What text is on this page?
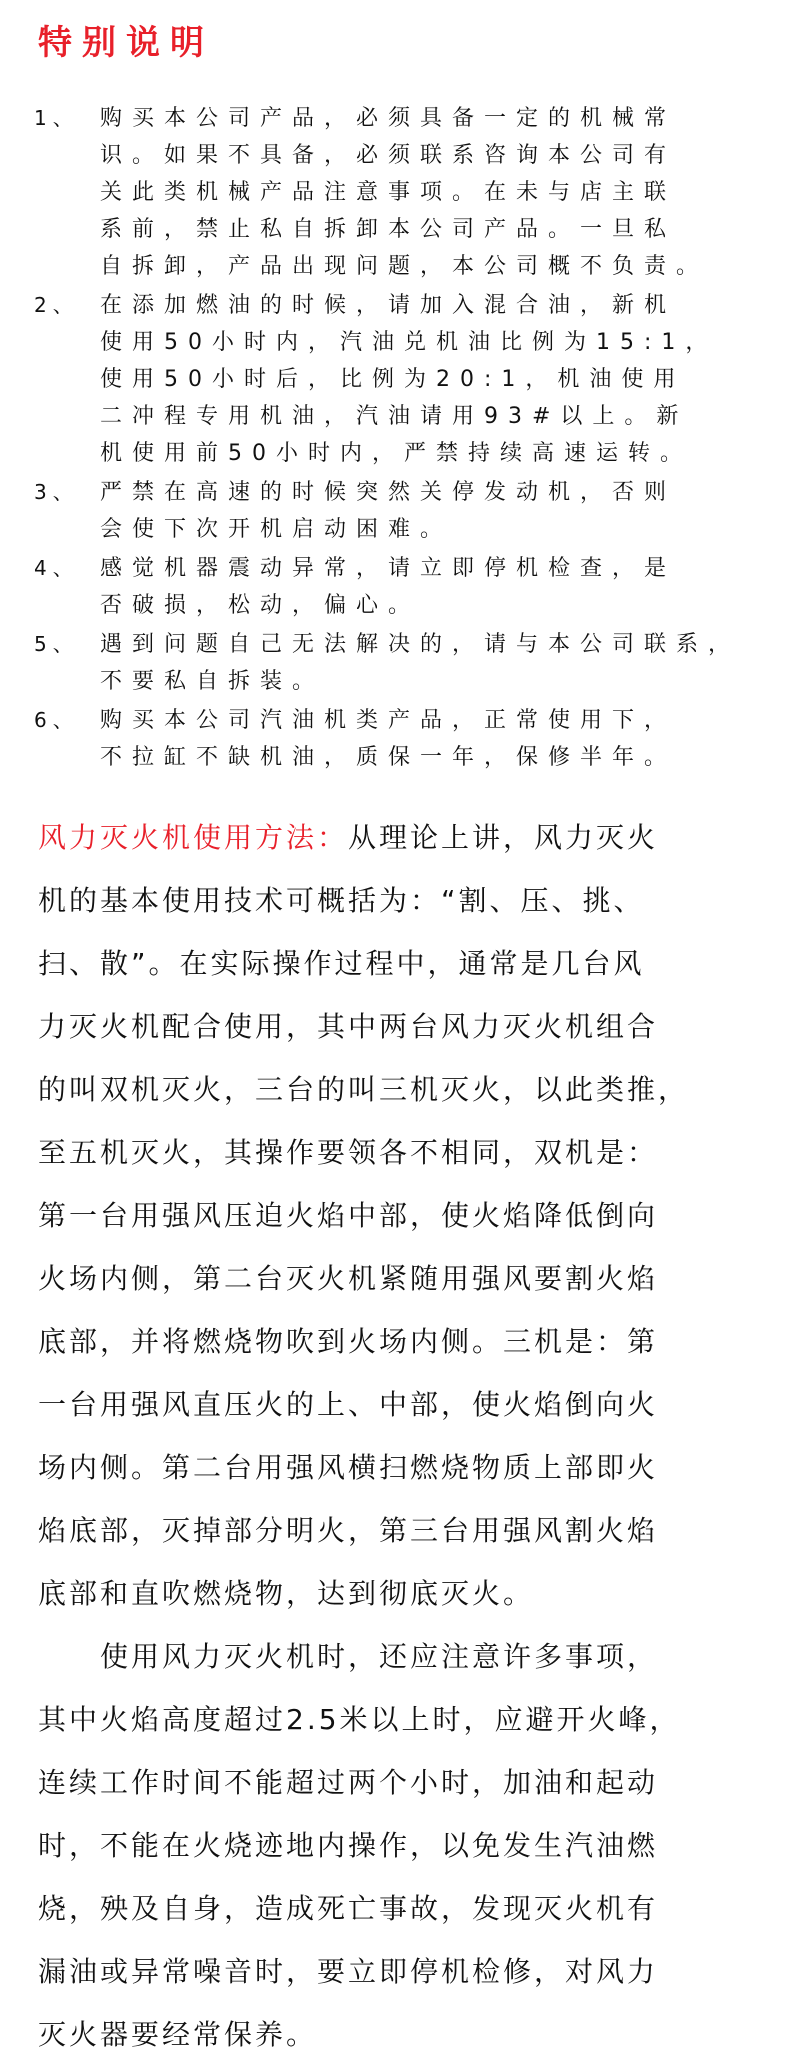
特别说明
1、 购买本公司产品，必须具备一定的机械常
识。如果不具备，必须联系咨询本公司有
关此类机械产品注意事项。在未与店主联
系前，禁止私自拆卸本公司产品。一旦私
自拆卸，产品出现问题，本公司概不负责。
2、 在添加燃油的时候，请加入混合油，新机
使用50小时内，汽油兑机油比例为15:1，
使用50小时后，比例为20:1，机油使用
二冲程专用机油，汽油请用93#以上。新
机使用前50小时内，严禁持续高速运转。
3、 严禁在高速的时候突然关停发动机，否则
会使下次开机启动困难。
4、 感觉机器震动异常，请立即停机检查，是
否破损，松动，偏心。
5、 遇到问题自己无法解决的，请与本公司联系，
不要私自拆装。
6、 购买本公司汽油机类产品，正常使用下，
不拉缸不缺机油，质保一年，保修半年。
风力灭火机使用方法：从理论上讲，风力灭火
机的基本使用技术可概括为：“割、压、挑、
扫、散”。在实际操作过程中，通常是几台风
力灭火机配合使用，其中两台风力灭火机组合
的叫双机灭火，三台的叫三机灭火，以此类推，
至五机灭火，其操作要领各不相同，双机是：
第一台用强风压迫火焰中部，使火焰降低倒向
火场内侧，第二台灭火机紧随用强风要割火焰
底部，并将燃烧物吹到火场内侧。三机是：第
一台用强风直压火的上、中部，使火焰倒向火
场内侧。第二台用强风横扫燃烧物质上部即火
焰底部，灭掉部分明火，第三台用强风割火焰
底部和直吹燃烧物，达到彻底灭火。
　　使用风力灭火机时，还应注意许多事项，
其中火焰高度超过2.5米以上时，应避开火峰，
连续工作时间不能超过两个小时，加油和起动
时，不能在火烧迹地内操作，以免发生汽油燃
烧，殃及自身，造成死亡事故，发现灭火机有
漏油或异常噪音时，要立即停机检修，对风力
灭火器要经常保养。
